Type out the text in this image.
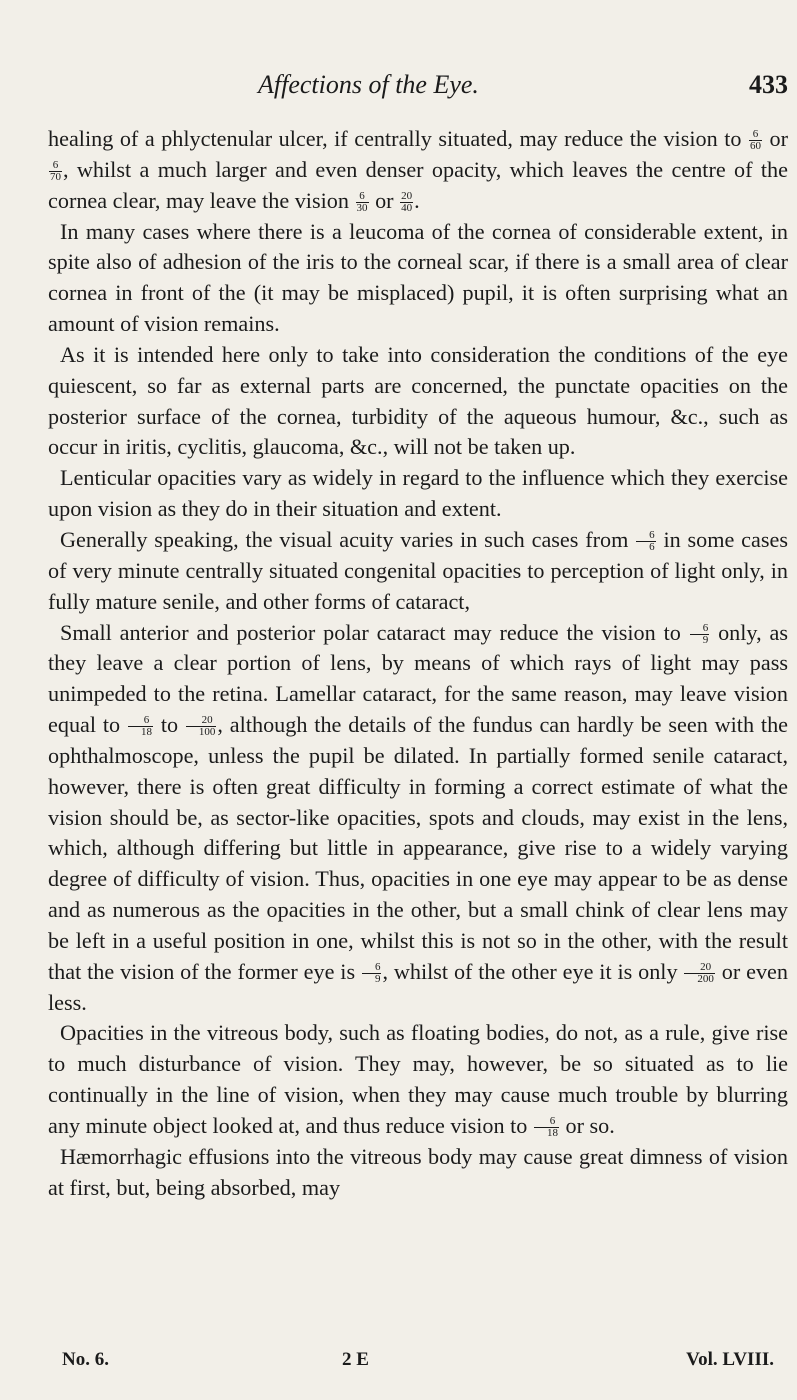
Affections of the Eye.	433

healing of a phlyctenular ulcer, if centrally situated, may reduce the vision to $\frac{6}{60}$ or
$\frac{6}{70}$ , whilst a much larger and even denser opacity, which leaves the centre of the cornea clear, may leave the vision $\frac{6}{30}$ or $\frac{20}{40}$ .

In many cases where there is a leucoma of the cornea of considerable extent, in spite also of adhesion of the iris to the corneal scar, if there is a small area of clear cornea in front of the (it may be misplaced) pupil, it is often surprising what an amount of vision remains.

As it is intended here only to take into consideration the conditions of the eye quiescent, so far as external parts are concerned, the punctate opacities on the posterior surface of the cornea, turbidity of the aqueous humour, &c., such as occur in iritis, cyclitis, glaucoma, &c., will not be taken up.

Lenticular opacities vary as widely in regard to the influence which they exercise upon vision as they do in their situation and extent.

Generally speaking, the visual acuity varies in such cases from $\frac{6}{6}$ in some cases of very minute centrally situated congenital opacities to perception of light only, in fully mature senile, and other forms of cataract,

Small anterior and posterior polar cataract may reduce the vision to $\frac{6}{9}$ only, as they leave a clear portion of lens, by means of which rays of light may pass unimpeded to the retina. Lamellar cataract, for the same reason, may leave vision equal to $\frac{6}{18}$ to $\frac{20}{100}$ , although the details of the fundus can hardly be seen with the ophthalmoscope, unless the pupil be dilated. In partially formed senile cataract, however, there is often great difficulty in forming a correct estimate of what the vision should be, as sector-like opacities, spots and clouds, may exist in the lens, which, although differing but little in appearance, give rise to a widely varying degree of difficulty of vision. Thus, opacities in one eye may appear to be as dense and as numerous as the opacities in the other, but a small chink of clear lens may be left in a useful position in one, whilst this is not so in the other, with the result that the vision of the former eye is $\frac{6}{9}$ , whilst of the other eye it is only $\frac{20}{200}$ or even less.

Opacities in the vitreous body, such as floating bodies, do not, as a rule, give rise to much disturbance of vision. They may, however, be so situated as to lie continually in the line of vision, when they may cause much trouble by blurring any minute object looked at, and thus reduce vision to $\frac{6}{18}$ or so.

Hæmorrhagic effusions into the vitreous body may cause great dimness of vision at first, but, being absorbed, may

No. 6.	2 E	Vol. LVIII.
